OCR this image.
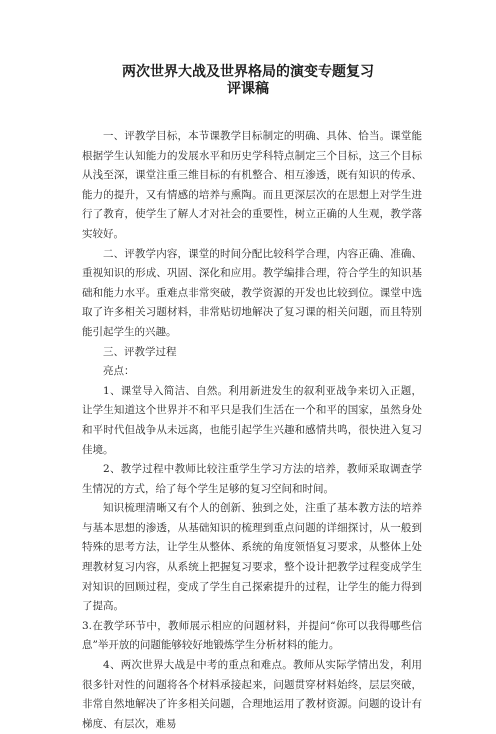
两次世界大战及世界格局的演变专题复习
评课稿

一、评教学目标，本节课教学目标制定的明确、具体、恰当。课堂能根据学生认知能力的发展水平和历史学科特点制定三个目标，这三个目标从浅至深，课堂注重三维目标的有机整合、相互渗透，既有知识的传承、能力的提升，又有情感的培养与熏陶。而且更深层次的在思想上对学生进行了教育，使学生了解人才对社会的重要性，树立正确的人生观，教学落实较好。

二、评教学内容，课堂的时间分配比较科学合理，内容正确、准确、重视知识的形成、巩固、深化和应用。教学编排合理，符合学生的知识基础和能力水平。重难点非常突破，教学资源的开发也比较到位。课堂中选取了许多相关习题材料，非常贴切地解决了复习课的相关问题，而且特别能引起学生的兴趣。

三、评教学过程

亮点：

1、课堂导入简洁、自然。利用新进发生的叙利亚战争来切入正题，让学生知道这个世界并不和平只是我们生活在一个和平的国家，虽然身处和平时代但战争从未远离，也能引起学生兴趣和感情共鸣，很快进入复习佳境。

2、教学过程中教师比较注重学生学习方法的培养，教师采取调查学生情况的方式，给了每个学生足够的复习空间和时间。

知识梳理清晰又有个人的创新、独到之处，注重了基本教方法的培养与基本思想的渗透，从基础知识的梳理到重点问题的详细探讨，从一般到特殊的思考方法，让学生从整体、系统的角度领悟复习要求，从整体上处理教材复习内容，从系统上把握复习要求，整个设计把教学过程变成学生对知识的回顾过程，变成了学生自己探索提升的过程，让学生的能力得到了提高。

3.在教学环节中，教师展示相应的问题材料，并提问“你可以我得哪些信息”举开放的问题能够较好地锻炼学生分析材料的能力。

4、两次世界大战是中考的重点和难点。教师从实际学情出发，利用很多针对性的问题将各个材料承接起来，问题贯穿材料始终，层层突破，非常自然地解决了许多相关问题，合理地运用了教材资源。问题的设计有梯度、有层次，难易
